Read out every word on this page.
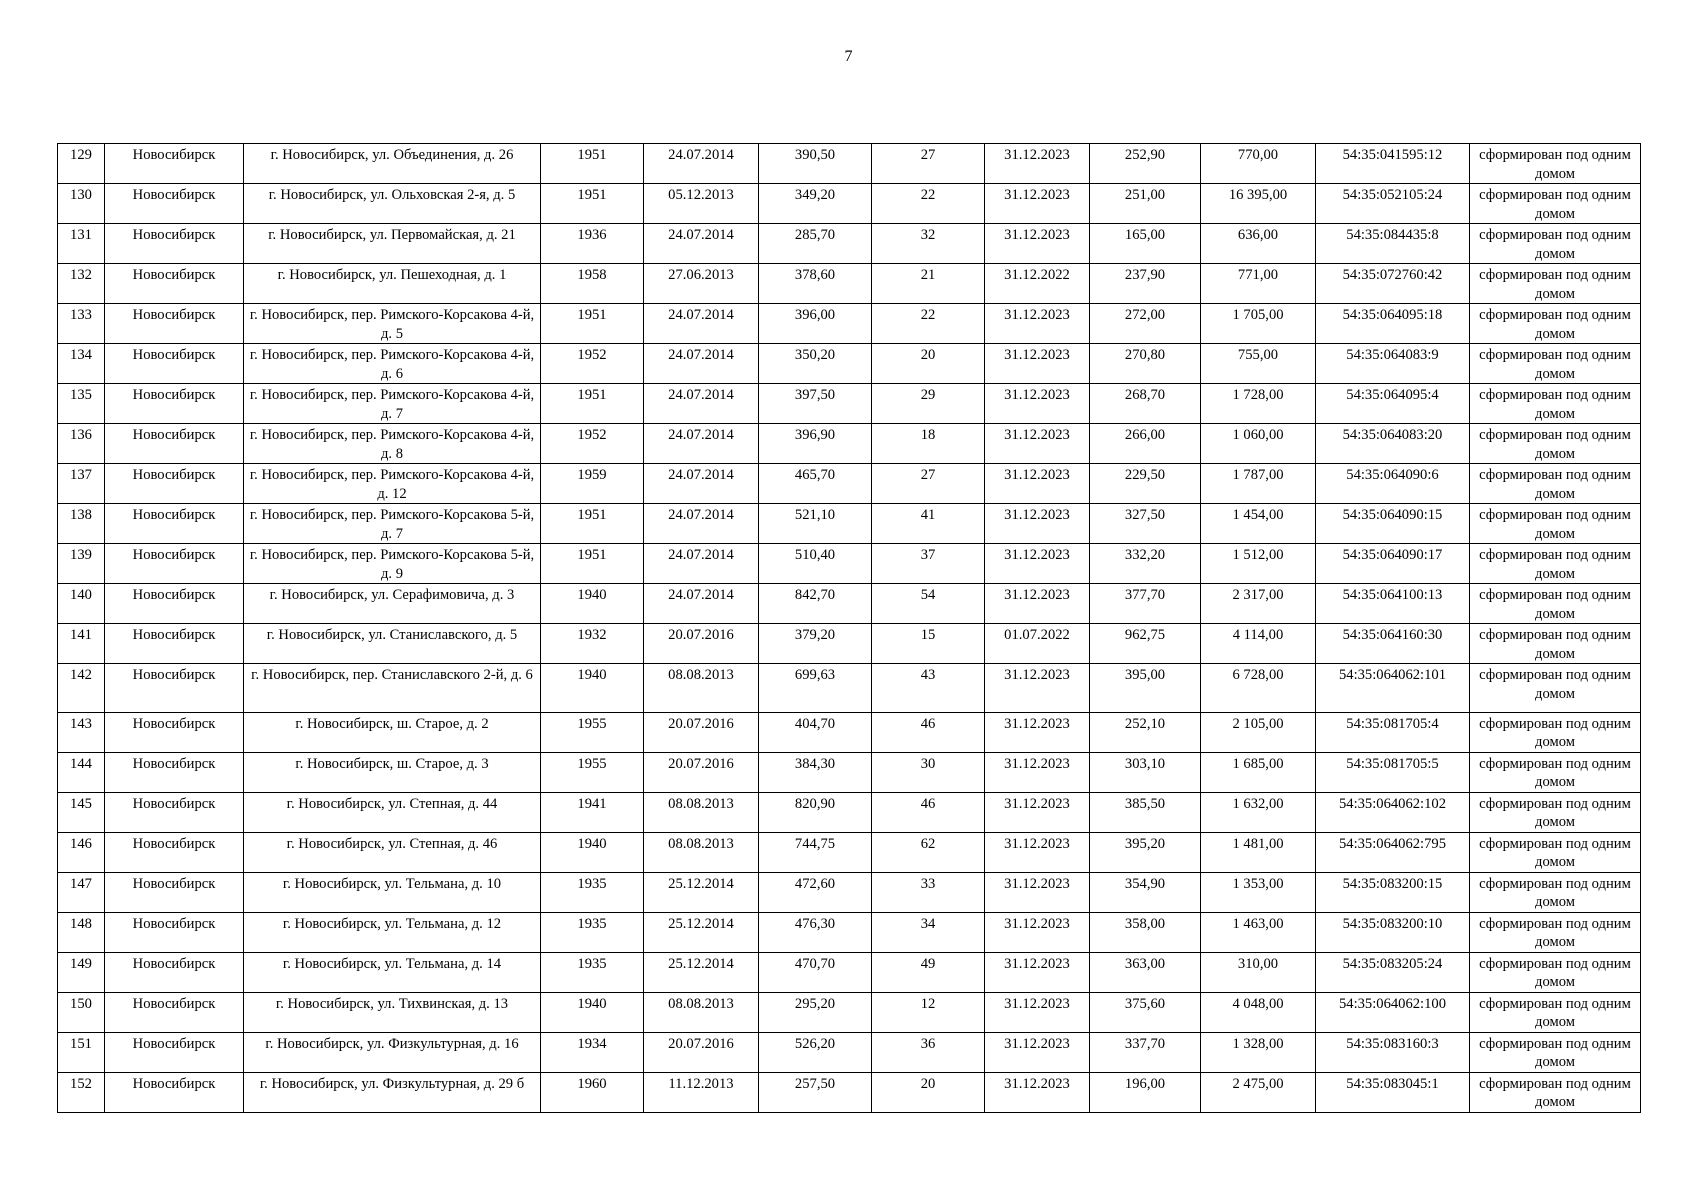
7
129	Новосибирск	г. Новосибирск, ул. Объединения, д. 26	1951	24.07.2014	390,50	27	31.12.2023	252,90	770,00	54:35:041595:12	сформирован под одним домом
130	Новосибирск	г. Новосибирск, ул. Ольховская 2-я, д. 5	1951	05.12.2013	349,20	22	31.12.2023	251,00	16 395,00	54:35:052105:24	сформирован под одним домом
131	Новосибирск	г. Новосибирск, ул. Первомайская, д. 21	1936	24.07.2014	285,70	32	31.12.2023	165,00	636,00	54:35:084435:8	сформирован под одним домом
132	Новосибирск	г. Новосибирск, ул. Пешеходная, д. 1	1958	27.06.2013	378,60	21	31.12.2022	237,90	771,00	54:35:072760:42	сформирован под одним домом
133	Новосибирск	г. Новосибирск, пер. Римского-Корсакова 4-й, д. 5	1951	24.07.2014	396,00	22	31.12.2023	272,00	1 705,00	54:35:064095:18	сформирован под одним домом
134	Новосибирск	г. Новосибирск, пер. Римского-Корсакова 4-й, д. 6	1952	24.07.2014	350,20	20	31.12.2023	270,80	755,00	54:35:064083:9	сформирован под одним домом
135	Новосибирск	г. Новосибирск, пер. Римского-Корсакова 4-й, д. 7	1951	24.07.2014	397,50	29	31.12.2023	268,70	1 728,00	54:35:064095:4	сформирован под одним домом
136	Новосибирск	г. Новосибирск, пер. Римского-Корсакова 4-й, д. 8	1952	24.07.2014	396,90	18	31.12.2023	266,00	1 060,00	54:35:064083:20	сформирован под одним домом
137	Новосибирск	г. Новосибирск, пер. Римского-Корсакова 4-й, д. 12	1959	24.07.2014	465,70	27	31.12.2023	229,50	1 787,00	54:35:064090:6	сформирован под одним домом
138	Новосибирск	г. Новосибирск, пер. Римского-Корсакова 5-й, д. 7	1951	24.07.2014	521,10	41	31.12.2023	327,50	1 454,00	54:35:064090:15	сформирован под одним домом
139	Новосибирск	г. Новосибирск, пер. Римского-Корсакова 5-й, д. 9	1951	24.07.2014	510,40	37	31.12.2023	332,20	1 512,00	54:35:064090:17	сформирован под одним домом
140	Новосибирск	г. Новосибирск, ул. Серафимовича, д. 3	1940	24.07.2014	842,70	54	31.12.2023	377,70	2 317,00	54:35:064100:13	сформирован под одним домом
141	Новосибирск	г. Новосибирск, ул. Станиславского, д. 5	1932	20.07.2016	379,20	15	01.07.2022	962,75	4 114,00	54:35:064160:30	сформирован под одним домом
142	Новосибирск	г. Новосибирск, пер. Станиславского 2-й, д. 6	1940	08.08.2013	699,63	43	31.12.2023	395,00	6 728,00	54:35:064062:101	сформирован под одним домом
143	Новосибирск	г. Новосибирск, ш. Старое, д. 2	1955	20.07.2016	404,70	46	31.12.2023	252,10	2 105,00	54:35:081705:4	сформирован под одним домом
144	Новосибирск	г. Новосибирск, ш. Старое, д. 3	1955	20.07.2016	384,30	30	31.12.2023	303,10	1 685,00	54:35:081705:5	сформирован под одним домом
145	Новосибирск	г. Новосибирск, ул. Степная, д. 44	1941	08.08.2013	820,90	46	31.12.2023	385,50	1 632,00	54:35:064062:102	сформирован под одним домом
146	Новосибирск	г. Новосибирск, ул. Степная, д. 46	1940	08.08.2013	744,75	62	31.12.2023	395,20	1 481,00	54:35:064062:795	сформирован под одним домом
147	Новосибирск	г. Новосибирск, ул. Тельмана, д. 10	1935	25.12.2014	472,60	33	31.12.2023	354,90	1 353,00	54:35:083200:15	сформирован под одним домом
148	Новосибирск	г. Новосибирск, ул. Тельмана, д. 12	1935	25.12.2014	476,30	34	31.12.2023	358,00	1 463,00	54:35:083200:10	сформирован под одним домом
149	Новосибирск	г. Новосибирск, ул. Тельмана, д. 14	1935	25.12.2014	470,70	49	31.12.2023	363,00	310,00	54:35:083205:24	сформирован под одним домом
150	Новосибирск	г. Новосибирск, ул. Тихвинская, д. 13	1940	08.08.2013	295,20	12	31.12.2023	375,60	4 048,00	54:35:064062:100	сформирован под одним домом
151	Новосибирск	г. Новосибирск, ул. Физкультурная, д. 16	1934	20.07.2016	526,20	36	31.12.2023	337,70	1 328,00	54:35:083160:3	сформирован под одним домом
152	Новосибирск	г. Новосибирск, ул. Физкультурная, д. 29 б	1960	11.12.2013	257,50	20	31.12.2023	196,00	2 475,00	54:35:083045:1	сформирован под одним домом
